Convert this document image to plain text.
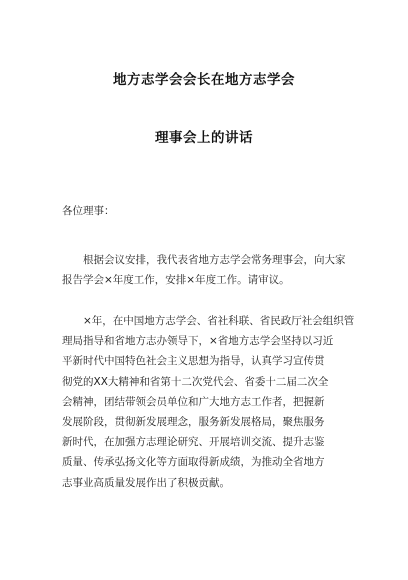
地方志学会会长在地方志学会
理事会上的讲话
各位理事：
根据会议安排，我代表省地方志学会常务理事会，向大家
报告学会×年度工作，安排×年度工作。请审议。
×年，在中国地方志学会、省社科联、省民政厅社会组织管
理局指导和省地方志办领导下，×省地方志学会坚持以习近
平新时代中国特色社会主义思想为指导，认真学习宣传贯
彻党的XX大精神和省第十二次党代会、省委十二届二次全
会精神，团结带领会员单位和广大地方志工作者，把握新
发展阶段，贯彻新发展理念，服务新发展格局，聚焦服务
新时代，在加强方志理论研究、开展培训交流、提升志鉴
质量、传承弘扬文化等方面取得新成绩，为推动全省地方
志事业高质量发展作出了积极贡献。
